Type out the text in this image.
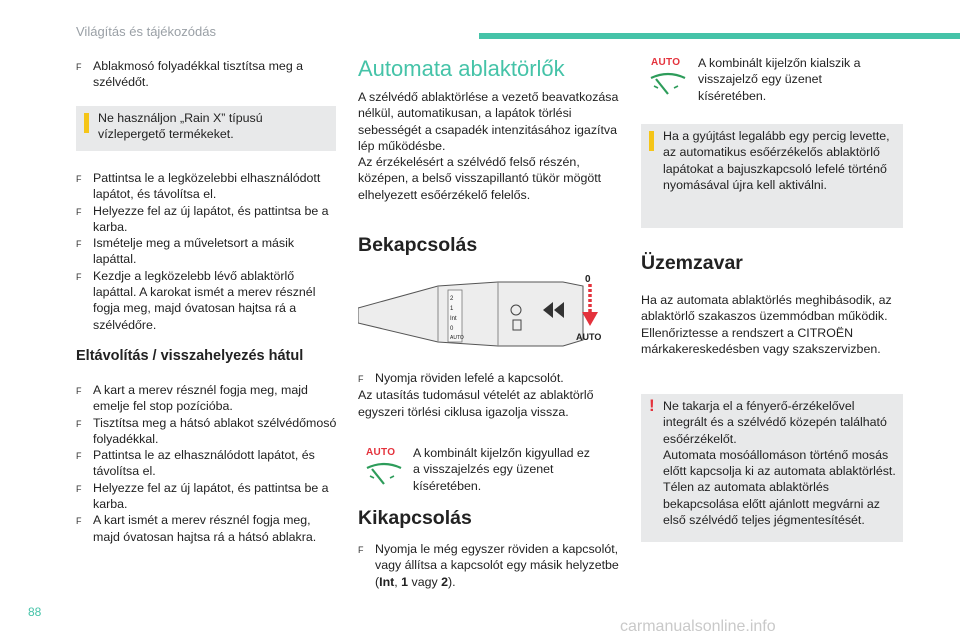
Világítás és tájékozódás
F Ablakmosó folyadékkal tisztítsa meg a szélvédőt.
Ne használjon „Rain X” típusú vízlepergető termékeket.
F Pattintsa le a legközelebbi elhasználódott lapátot, és távolítsa el.
F Helyezze fel az új lapátot, és pattintsa be a karba.
F Ismételje meg a műveletsort a másik lapáttal.
F Kezdje a legközelebb lévő ablaktörlő lapáttal. A karokat ismét a merev résznél fogja meg, majd óvatosan hajtsa rá a szélvédőre.
Eltávolítás / visszahelyezés hátul
F A kart a merev résznél fogja meg, majd emelje fel stop pozícióba.
F Tisztítsa meg a hátsó ablakot szélvédőmosó folyadékkal.
F Pattintsa le az elhasználódott lapátot, és távolítsa el.
F Helyezze fel az új lapátot, és pattintsa be a karba.
F A kart ismét a merev résznél fogja meg, majd óvatosan hajtsa rá a hátsó ablakra.
Automata ablaktörlők
A szélvédő ablaktörlése a vezető beavatkozása nélkül, automatikusan, a lapátok törlési sebességét a csapadék intenzitásához igazítva lép működésbe.
Az érzékelésért a szélvédő felső részén, középen, a belső visszapillantó tükör mögött elhelyezett esőérzékelő felelős.
Bekapcsolás
2
1
Int
0
AUTO
0
AUTO
F Nyomja röviden lefelé a kapcsolót.
Az utasítás tudomásul vételét az ablaktörlő egyszeri törlési ciklusa igazolja vissza.
AUTO A kombinált kijelzőn kigyullad ez a visszajelzés egy üzenet kíséretében.
Kikapcsolás
F Nyomja le még egyszer röviden a kapcsolót, vagy állítsa a kapcsolót egy másik helyzetbe (Int, 1 vagy 2).
AUTO A kombinált kijelzőn kialszik a visszajelző egy üzenet kíséretében.
Ha a gyújtást legalább egy percig levette, az automatikus esőérzékelős ablaktörlő lapátokat a bajuszkapcsoló lefelé történő nyomásával újra kell aktiválni.
Üzemzavar
Ha az automata ablaktörlés meghibásodik, az ablaktörlő szakaszos üzemmódban működik.
Ellenőriztesse a rendszert a CITROËN márkakereskedésben vagy szakszervizben.
! Ne takarja el a fényerő-érzékelővel integrált és a szélvédő közepén található esőérzékelőt.
Automata mosóállomáson történő mosás előtt kapcsolja ki az automata ablaktörlést.
Télen az automata ablaktörlés bekapcsolása előtt ajánlott megvárni az első szélvédő teljes jégmentesítését.
88
carmanualsonline.info
